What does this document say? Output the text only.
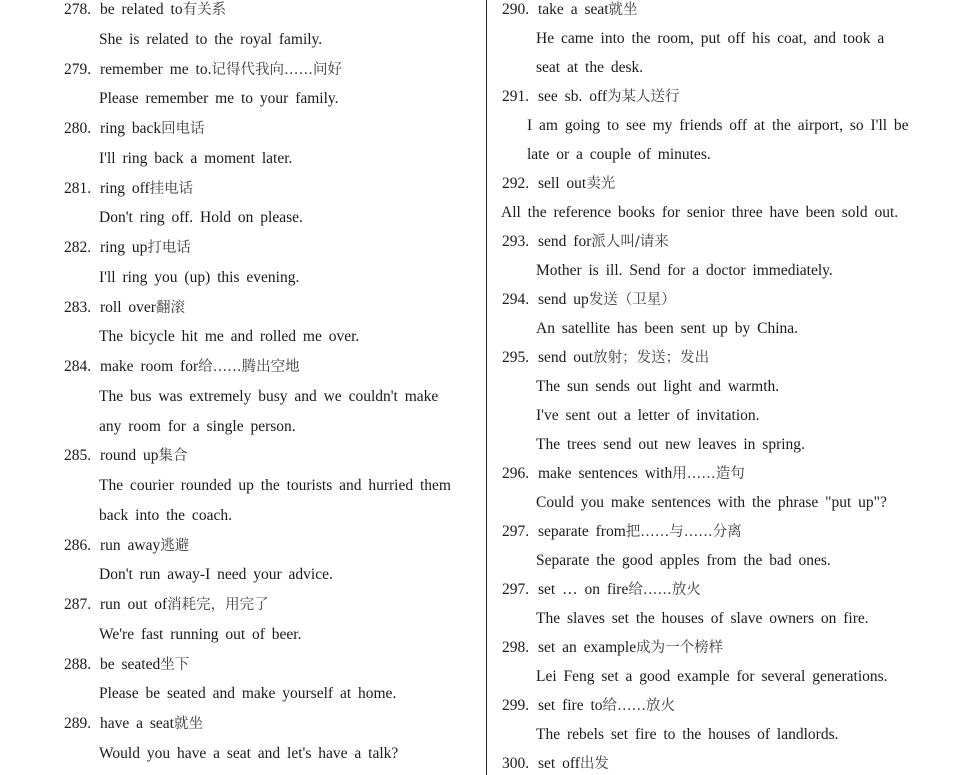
278. be related to有关系
She is related to the royal family.
279. remember me to.记得代我向……问好
Please remember me to your family.
280. ring back回电话
I'll ring back a moment later.
281. ring off挂电话
Don't ring off. Hold on please.
282. ring up打电话
I'll ring you (up) this evening.
283. roll over翻滚
The bicycle hit me and rolled me over.
284. make room for给……腾出空地
The bus was extremely busy and we couldn't make
any room for a single person.
285. round up集合
The courier rounded up the tourists and hurried them
back into the coach.
286. run away逃避
Don't run away-I need your advice.
287. run out of消耗完，用完了
We're fast running out of beer.
288. be seated坐下
Please be seated and make yourself at home.
289. have a seat就坐
Would you have a seat and let's have a talk?
290. take a seat就坐
He came into the room, put off his coat, and took a
seat at the desk.
291. see sb. off为某人送行
I am going to see my friends off at the airport, so I'll be
late or a couple of minutes.
292. sell out卖光
All the reference books for senior three have been sold out.
293. send for派人叫/请来
Mother is ill. Send for a doctor immediately.
294. send up发送（卫星）
An satellite has been sent up by China.
295. send out放射；发送；发出
The sun sends out light and warmth.
I've sent out a letter of invitation.
The trees send out new leaves in spring.
296. make sentences with用……造句
Could you make sentences with the phrase "put up"?
297. separate from把……与……分离
Separate the good apples from the bad ones.
297. set … on fire给……放火
The slaves set the houses of slave owners on fire.
298. set an example成为一个榜样
Lei Feng set a good example for several generations.
299. set fire to给……放火
The rebels set fire to the houses of landlords.
300. set off出发
